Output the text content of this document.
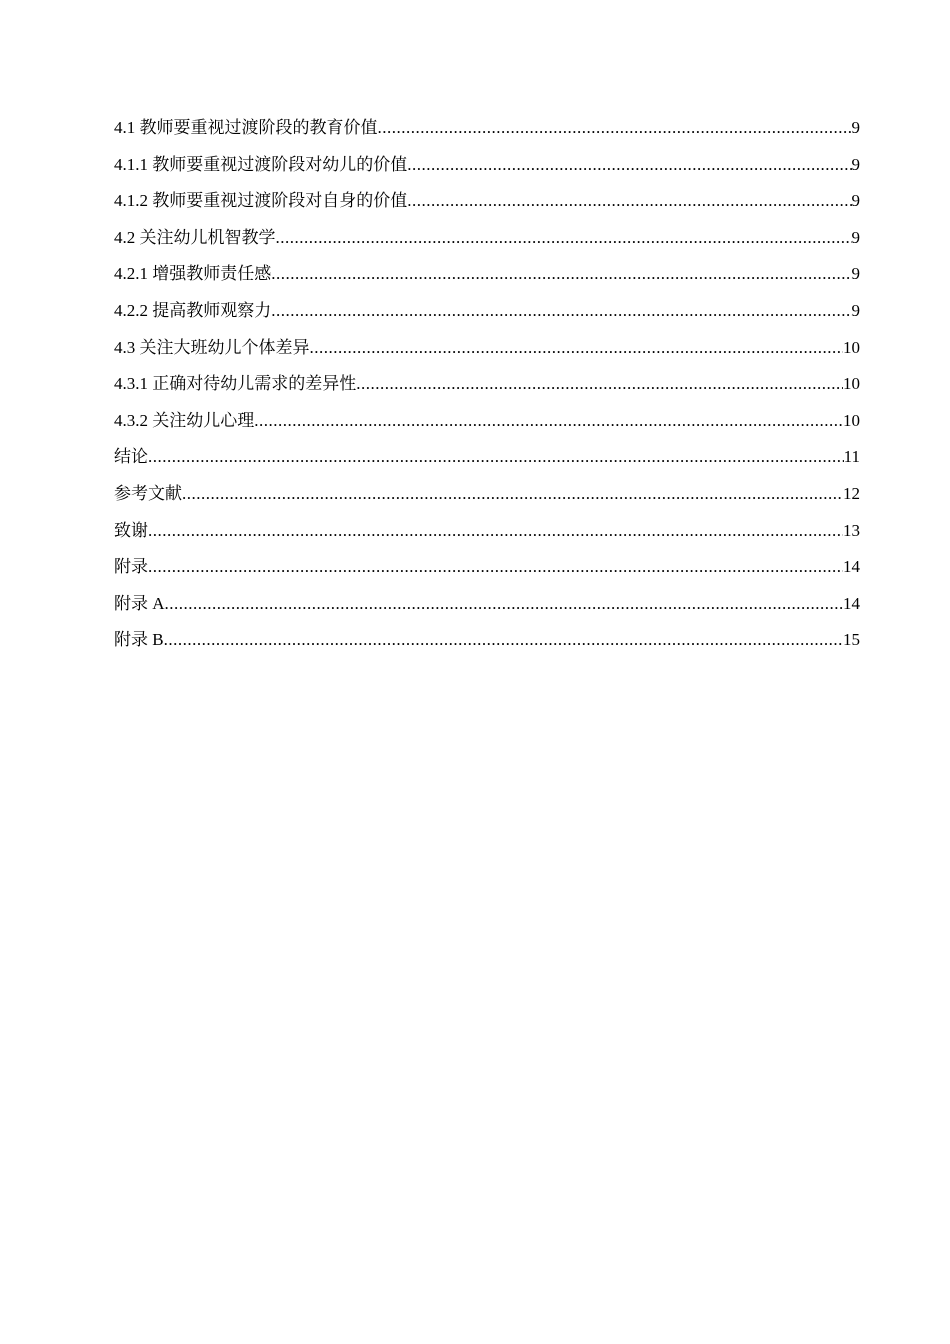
4.1 教师要重视过渡阶段的教育价值 .....	9
4.1.1 教师要重视过渡阶段对幼儿的价值 .....	9
4.1.2 教师要重视过渡阶段对自身的价值 .....	9
4.2 关注幼儿机智教学 .....	9
4.2.1 增强教师责任感 .....	9
4.2.2 提高教师观察力 .....	9
4.3 关注大班幼儿个体差异 .....	10
4.3.1 正确对待幼儿需求的差异性 .....	10
4.3.2 关注幼儿心理 .....	10
结论 .....	11
参考文献 .....	12
致谢 .....	13
附录 .....	14
附录 A .....	14
附录 B .....	15
